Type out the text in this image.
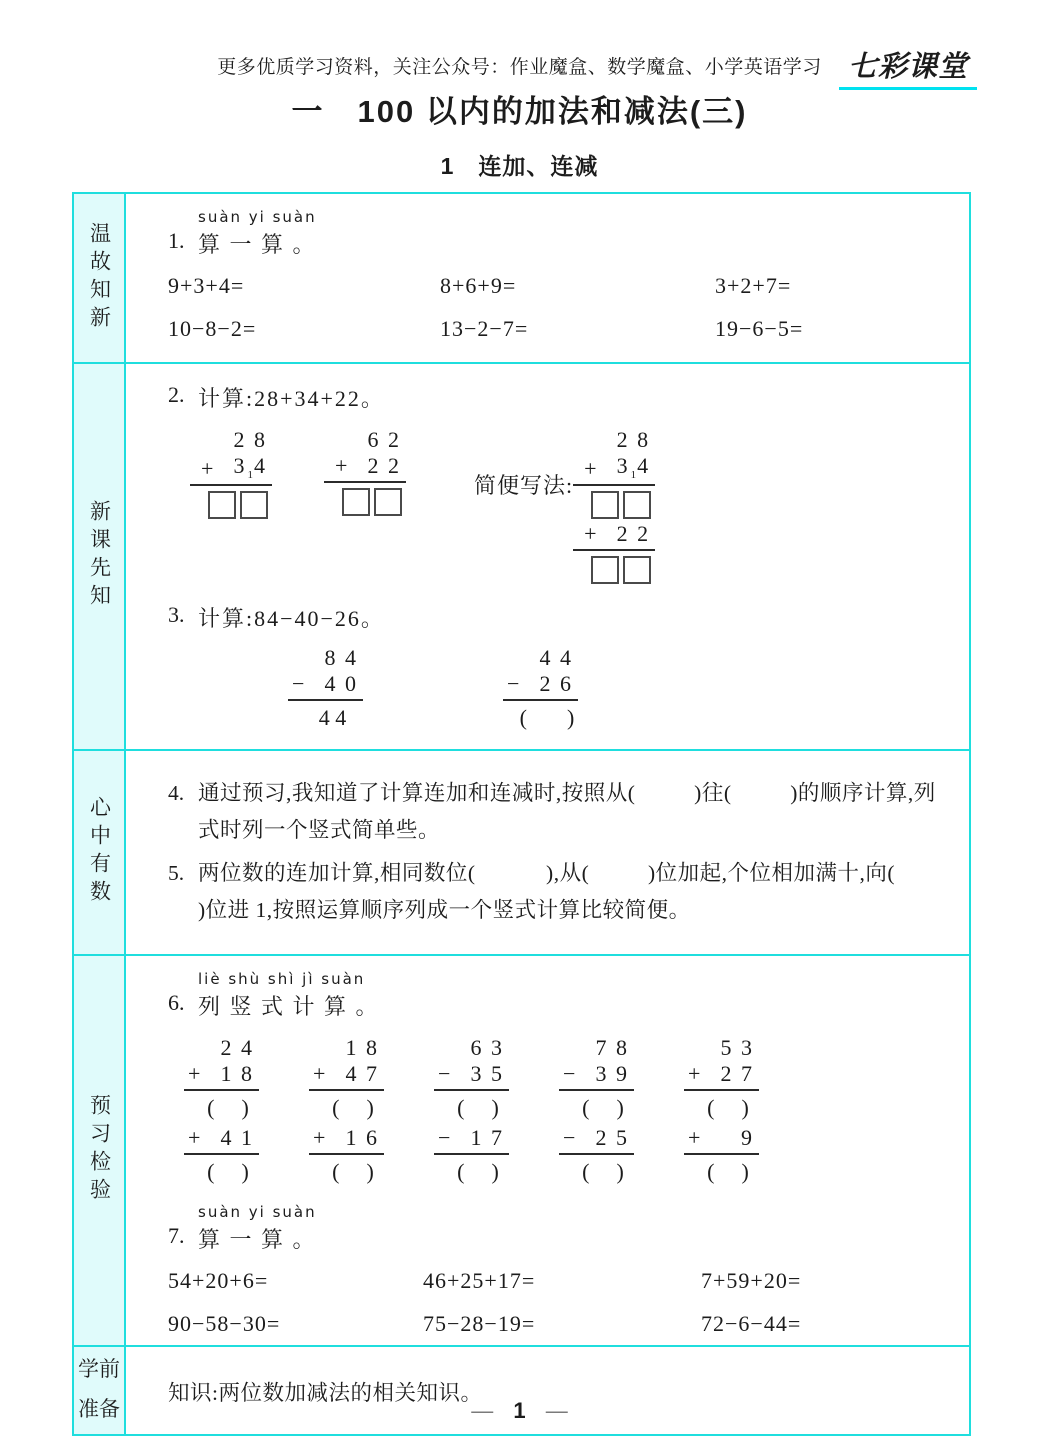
更多优质学习资料，关注公众号：作业魔盒、数学魔盒、小学英语学习 七彩课堂
一　100 以内的加法和减法(三)
1　连加、连减
温故知新
suàn yi suàn
1. 算 一 算 。
9+3+4=	8+6+9=	3+2+7=
10−8−2=	13−2−7=	19−6−5=
新课先知
2. 计算:28+34+22。
2 8
+ $3_14$
6 2
+ 2 2
简便写法:
2 8
+ $3_14$
+ 2 2
3. 计算:84−40−26。
8 4
− 4 0
4 4
4 4
− 2 6
(      )
心中有数
4. 通过预习,我知道了计算连加和连减时,按照从(          )往(          )的顺序计算,列式时列一个竖式简单些。
5. 两位数的连加计算,相同数位(            ),从(          )位加起,个位相加满十,向(          )位进 1,按照运算顺序列成一个竖式计算比较简便。
预习检验
liè shù shì jì suàn
6. 列 竖 式 计 算 。
2 4
+ 1 8
(    )
+ 4 1
(    )
1 8
+ 4 7
(    )
+ 1 6
(    )
6 3
− 3 5
(    )
− 1 7
(    )
7 8
− 3 9
(    )
− 2 5
(    )
5 3
+ 2 7
(    )
+	9
(    )
suàn yi suàn
7. 算 一 算 。
54+20+6=	46+25+17=	7+59+20=
90−58−30=	75−28−19=	72−6−44=
学前准备
知识:两位数加减法的相关知识。
— 1 —
